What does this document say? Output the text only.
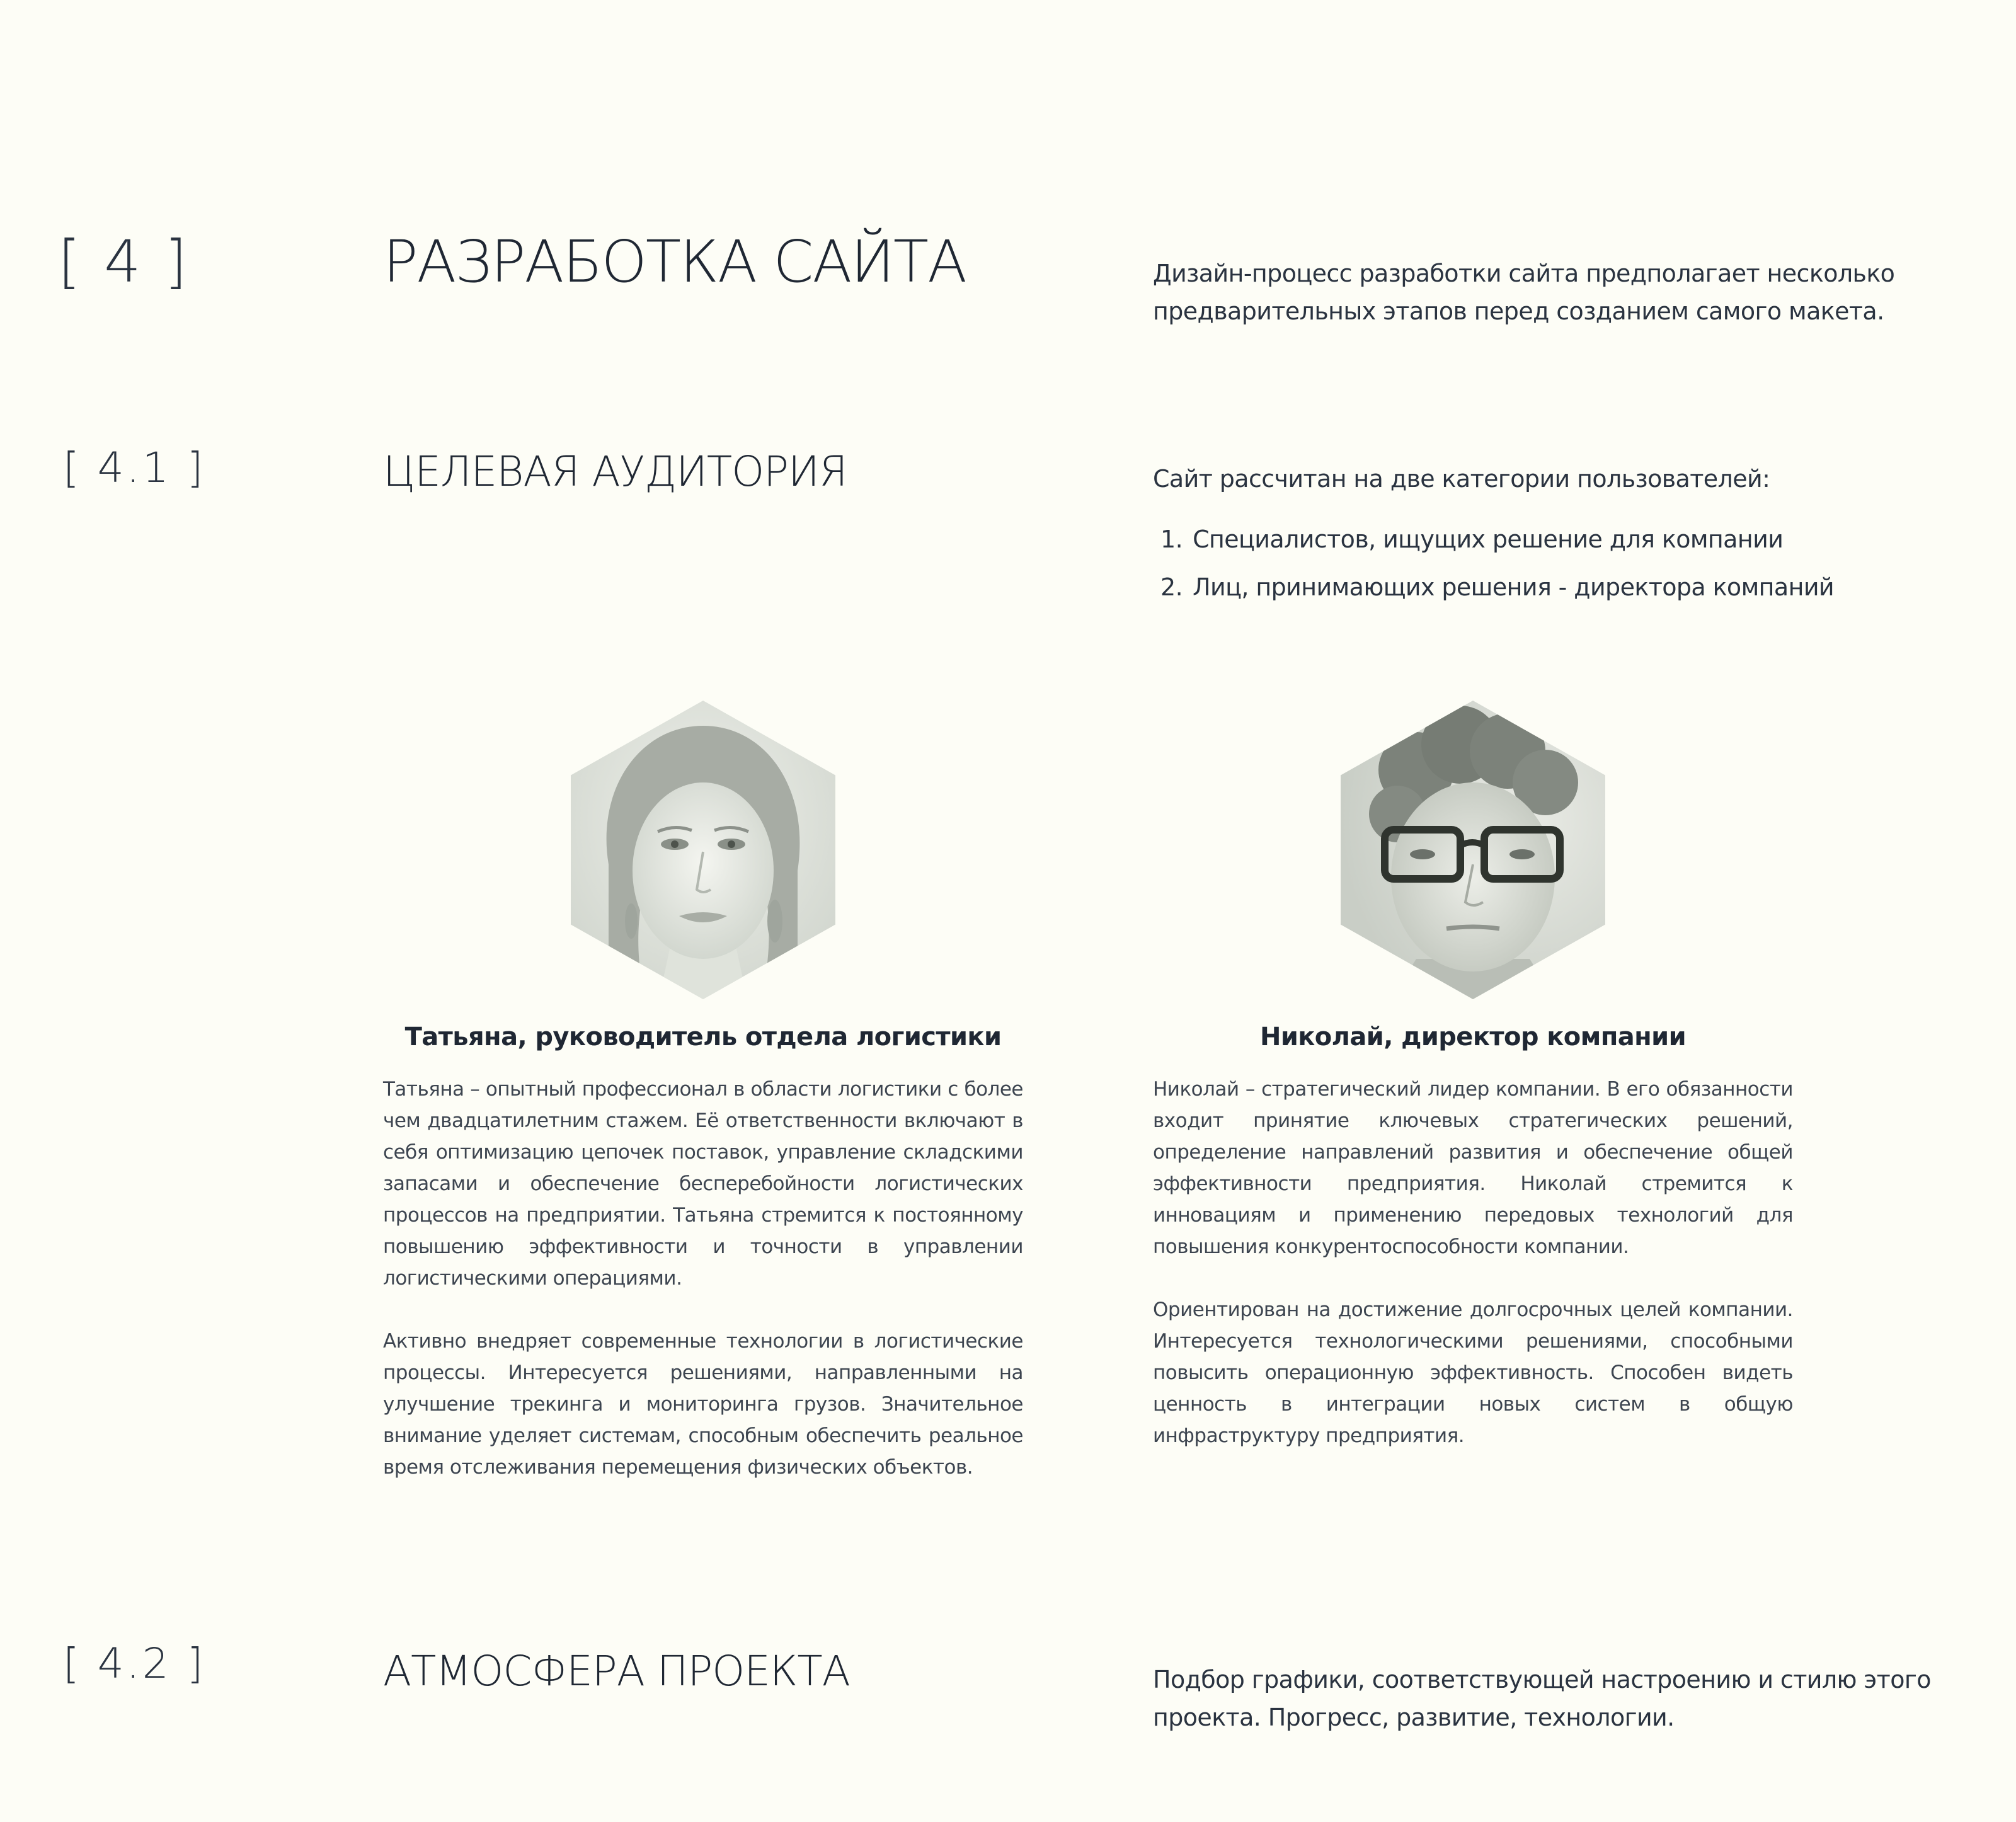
[ 4 ]	РАЗРАБОТКА САЙТА	Дизайн-процесс разработки сайта предполагает несколько предварительных этапов перед созданием самого макета.
[ 4.1 ]	ЦЕЛЕВАЯ АУДИТОРИЯ	Сайт рассчитан на две категории пользователей:
1. Специалистов, ищущих решение для компании
2. Лиц, принимающих решения - директора компаний
Татьяна, руководитель отдела логистики	Николай, директор компании

Татьяна – опытный профессионал в области логистики с более чем двадцатилетним стажем. Её ответственности включают в себя оптимизацию цепочек поставок, управление складскими запасами и обеспечение бесперебойности логистических процессов на предприятии. Татьяна стремится к постоянному повышению эффективности и точности в управлении логистическими операциями.

Активно внедряет современные технологии в логистические процессы. Интересуется решениями, направленными на улучшение трекинга и мониторинга грузов. Значительное внимание уделяет системам, способным обеспечить реальное время отслеживания перемещения физических объектов.

Николай – стратегический лидер компании. В его обязанности входит принятие ключевых стратегических решений, определение направлений развития и обеспечение общей эффективности предприятия. Николай стремится к инновациям и применению передовых технологий для повышения конкурентоспособности компании.

Ориентирован на достижение долгосрочных целей компании. Интересуется технологическими решениями, способными повысить операционную эффективность. Способен видеть ценность в интеграции новых систем в общую инфраструктуру предприятия.

[ 4.2 ]	АТМОСФЕРА ПРОЕКТА	Подбор графики, соответствующей настроению и стилю этого проекта. Прогресс, развитие, технологии.
